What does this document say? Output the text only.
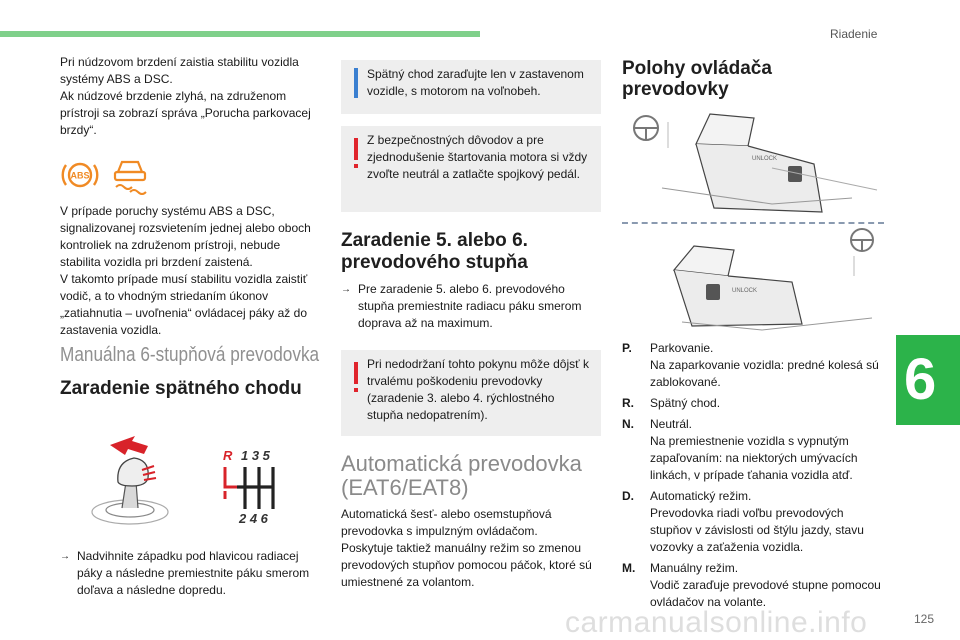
Riadenie
6
carmanualsonline.info	125

Pri núdzovom brzdení zaistia stabilitu vozidla systémy ABS a DSC.

Ak núdzové brzdenie zlyhá, na združenom prístroji sa zobrazí správa „Porucha parkovacej brzdy“.

ABS

V prípade poruchy systému ABS a DSC, signalizovanej rozsvietením jednej alebo oboch kontroliek na združenom prístroji, nebude stabilita vozidla pri brzdení zaistená.

V takomto prípade musí stabilitu vozidla zaistiť vodič, a to vhodným striedaním úkonov „zatiahnutia – uvoľnenia“ ovládacej páky až do zastavenia vozidla.

Manuálna 6-stupňová prevodovka
Zaradenie spätného chodu
R 1 3 5
2 4 6
→ Nadvihnite západku pod hlavicou radiacej páky a následne premiestnite páku smerom doľava a následne dopredu.
Spätný chod zaraďujte len v zastavenom vozidle, s motorom na voľnobeh.
Z bezpečnostných dôvodov a pre zjednodušenie štartovania motora si vždy zvoľte neutrál a zatlačte spojkový pedál.
Zaradenie 5. alebo 6.
prevodového stupňa
→ Pre zaradenie 5. alebo 6. prevodového stupňa premiestnite radiacu páku smerom doprava až na maximum.
Pri nedodržaní tohto pokynu môže dôjsť k trvalému poškodeniu prevodovky (zaradenie 3. alebo 4. rýchlostného stupňa nedopatrením).
Automatická prevodovka
(EAT6/EAT8)

Automatická šesť- alebo osemstupňová prevodovka s impulzným ovládačom.

Poskytuje taktiež manuálny režim so zmenou prevodových stupňov pomocou páčok, ktoré sú umiestnené za volantom.

Polohy ovládača
prevodovky
UNLOCK
UNLOCK
P. Parkovanie.
Na zaparkovanie vozidla: predné kolesá sú zablokované.
R. Spätný chod.
N. Neutrál.
Na premiestnenie vozidla s vypnutým zapaľovaním: na niektorých umývacích linkách, v prípade ťahania vozidla atď.
D. Automatický režim.
Prevodovka riadi voľbu prevodových stupňov v závislosti od štýlu jazdy, stavu vozovky a zaťaženia vozidla.
M. Manuálny režim.
Vodič zaraďuje prevodové stupne pomocou ovládačov na volante.
